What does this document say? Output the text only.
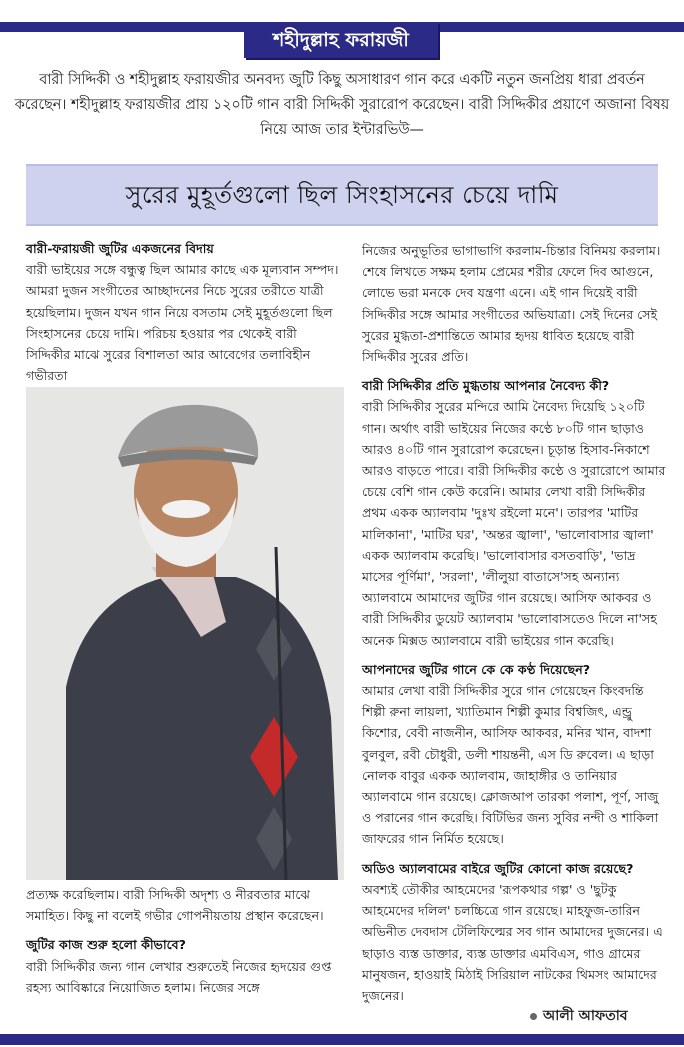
শহীদুল্লাহ ফরায়জী
বারী সিদ্দিকী ও শহীদুল্লাহ ফরায়জীর অনবদ্য জুটি কিছু অসাধারণ গান করে একটি নতুন জনপ্রিয় ধারা প্রবর্তন করেছেন। শহীদুল্লাহ ফরায়জীর প্রায় ১২০টি গান বারী সিদ্দিকী সুরারোপ করেছেন। বারী সিদ্দিকীর প্রয়াণে অজানা বিষয় নিয়ে আজ তার ইন্টারভিউ—
সুরের মুহূর্তগুলো ছিল সিংহাসনের চেয়ে দামি
বারী-ফরায়জী জুটির একজনের বিদায়
বারী ভাইয়ের সঙ্গে বন্ধুত্ব ছিল আমার কাছে এক মূল্যবান সম্পদ। আমরা দুজন সংগীতের আচ্ছাদনের নিচে সুরের তরীতে যাত্রী হয়েছিলাম। দুজন যখন গান নিয়ে বসতাম সেই মুহূর্তগুলো ছিল সিংহাসনের চেয়ে দামি। পরিচয় হওয়ার পর থেকেই বারী সিদ্দিকীর মাঝে সুরের বিশালতা আর আবেগের তলাবিহীন গভীরতা
প্রত্যক্ষ করেছিলাম। বারী সিদ্দিকী অদৃশ্য ও নীরবতার মাঝে সমাহিত। কিছু না বলেই গভীর গোপনীয়তায় প্রস্থান করেছেন।
জুটির কাজ শুরু হলো কীভাবে?
বারী সিদ্দিকীর জন্য গান লেখার শুরুতেই নিজের হৃদয়ের গুপ্ত রহস্য আবিষ্কারে নিয়োজিত হলাম। নিজের সঙ্গে
নিজের অনুভূতির ভাগাভাগি করলাম-চিন্তার বিনিময় করলাম। শেষে লিখতে সক্ষম হলাম প্রেমের শরীর ফেলে দিব আগুনে, লোভে ভরা মনকে দেব যন্ত্রণা এনে। এই গান দিয়েই বারী সিদ্দিকীর সঙ্গে আমার সংগীতের অভিযাত্রা। সেই দিনের সেই সুরের মুগ্ধতা-প্রশান্তিতে আমার হৃদয় ধাবিত হয়েছে বারী সিদ্দিকীর সুরের প্রতি।
বারী সিদ্দিকীর প্রতি মুগ্ধতায় আপনার নৈবেদ্য কী?
বারী সিদ্দিকীর সুরের মন্দিরে আমি নৈবেদ্য দিয়েছি ১২০টি গান। অর্থাৎ বারী ভাইয়ের নিজের কণ্ঠে ৮০টি গান ছাড়াও আরও ৪০টি গান সুরারোপ করেছেন। চূড়ান্ত হিসাব-নিকাশে আরও বাড়তে পারে। বারী সিদ্দিকীর কণ্ঠে ও সুরারোপে আমার চেয়ে বেশি গান কেউ করেনি। আমার লেখা বারী সিদ্দিকীর প্রথম একক অ্যালবাম 'দুঃখ রইলো মনে'। তারপর 'মাটির মালিকানা', 'মাটির ঘর', 'অন্তর জ্বালা', 'ভালোবাসার জ্বালা' একক অ্যালবাম করেছি। 'ভালোবাসার বসতবাড়ি', 'ভাদ্র মাসের পূর্ণিমা', 'সরলা', 'লীলুয়া বাতাসে'সহ অন্যান্য অ্যালবামে আমাদের জুটির গান রয়েছে। আসিফ আকবর ও বারী সিদ্দিকীর ডুয়েট অ্যালবাম 'ভালোবাসতেও দিলে না'সহ অনেক মিক্সড অ্যালবামে বারী ভাইয়ের গান করেছি।
আপনাদের জুটির গানে কে কে কণ্ঠ দিয়েছেন?
আমার লেখা বারী সিদ্দিকীর সুরে গান গেয়েছেন কিংবদন্তি শিল্পী রুনা লায়লা, খ্যাতিমান শিল্পী কুমার বিশ্বজিৎ, এন্ড্রু কিশোর, বেবী নাজনীন, আসিফ আকবর, মনির খান, বাদশা বুলবুল, রবী চৌধুরী, ডলী শায়ন্তনী, এস ডি রুবেল। এ ছাড়া নোলক বাবুর একক অ্যালবাম, জাহাঙ্গীর ও তানিয়ার অ্যালবামে গান রয়েছে। ক্লোজআপ তারকা পলাশ, পূর্ণ, সাজু ও পরানের গান করেছি। বিটিভির জন্য সুবির নন্দী ও শাকিলা জাফরের গান নির্মিত হয়েছে।
অডিও অ্যালবামের বাইরে জুটির কোনো কাজ রয়েছে?
অবশ্যই তৌকীর আহমেদের 'রূপকথার গল্প' ও 'ছুটকু আহমেদের দলিল' চলচ্চিত্রে গান রয়েছে। মাহফুজ-তারিন অভিনীত দেবদাস টেলিফিল্মের সব গান আমাদের দুজনের। এ ছাড়াও ব্যস্ত ডাক্তার, ব্যস্ত ডাক্তার এমবিএস, গাও গ্রামের মানুষজন, হাওয়াই মিঠাই সিরিয়াল নাটকের থিমসং আমাদের দুজনের।
আলী আফতাব
